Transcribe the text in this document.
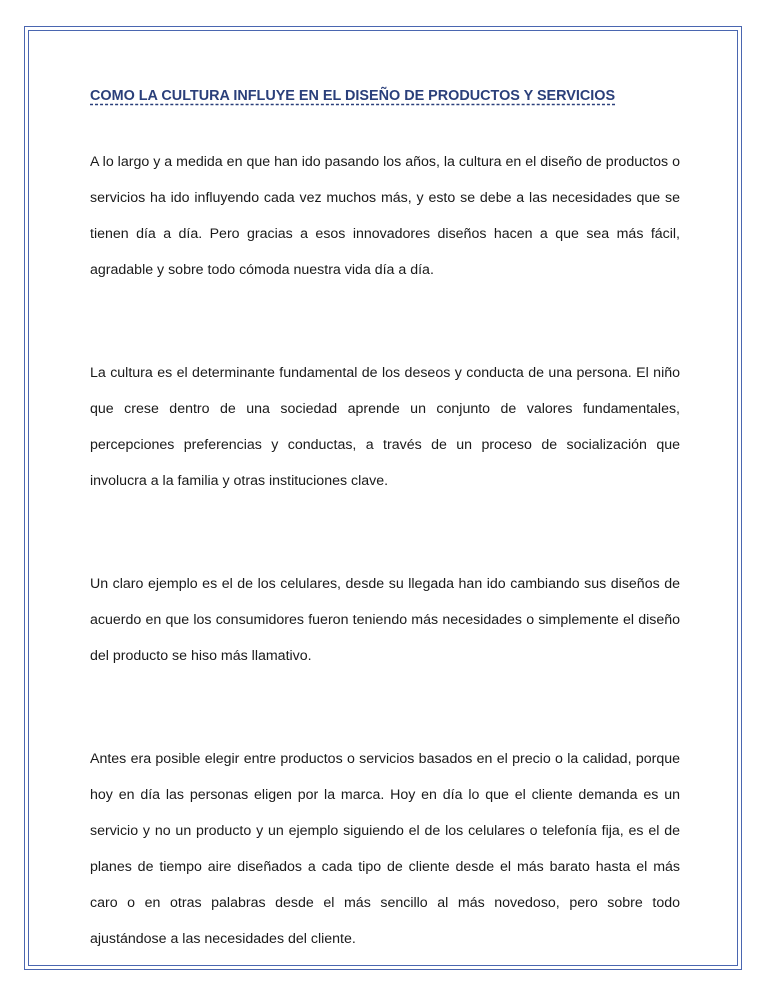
COMO LA CULTURA INFLUYE EN EL DISEÑO DE PRODUCTOS Y SERVICIOS

A lo largo y a medida en que han ido pasando los años, la cultura en el diseño de productos o servicios ha ido influyendo cada vez muchos más, y esto se debe a las necesidades que se tienen día a día. Pero gracias a esos innovadores diseños hacen a que sea más fácil, agradable y sobre todo cómoda nuestra vida día a día.

La cultura es el determinante fundamental de los deseos y conducta de una persona. El niño que crese dentro de una sociedad aprende un conjunto de valores fundamentales, percepciones preferencias y conductas, a través de un proceso de socialización que involucra a la familia y otras instituciones clave.

Un claro ejemplo es el de los celulares, desde su llegada han ido cambiando sus diseños de acuerdo en que los consumidores fueron teniendo más necesidades o simplemente el diseño del producto se hiso más llamativo.

Antes era posible elegir entre productos o servicios basados en el precio o la calidad, porque hoy en día las personas eligen por la marca. Hoy en día lo que el cliente demanda es un servicio y no un producto y un ejemplo siguiendo el de los celulares o telefonía fija, es el de planes de tiempo aire diseñados a cada tipo de cliente desde el más barato hasta el más caro o en otras palabras desde el más sencillo al más novedoso, pero sobre todo ajustándose a las necesidades del cliente.
